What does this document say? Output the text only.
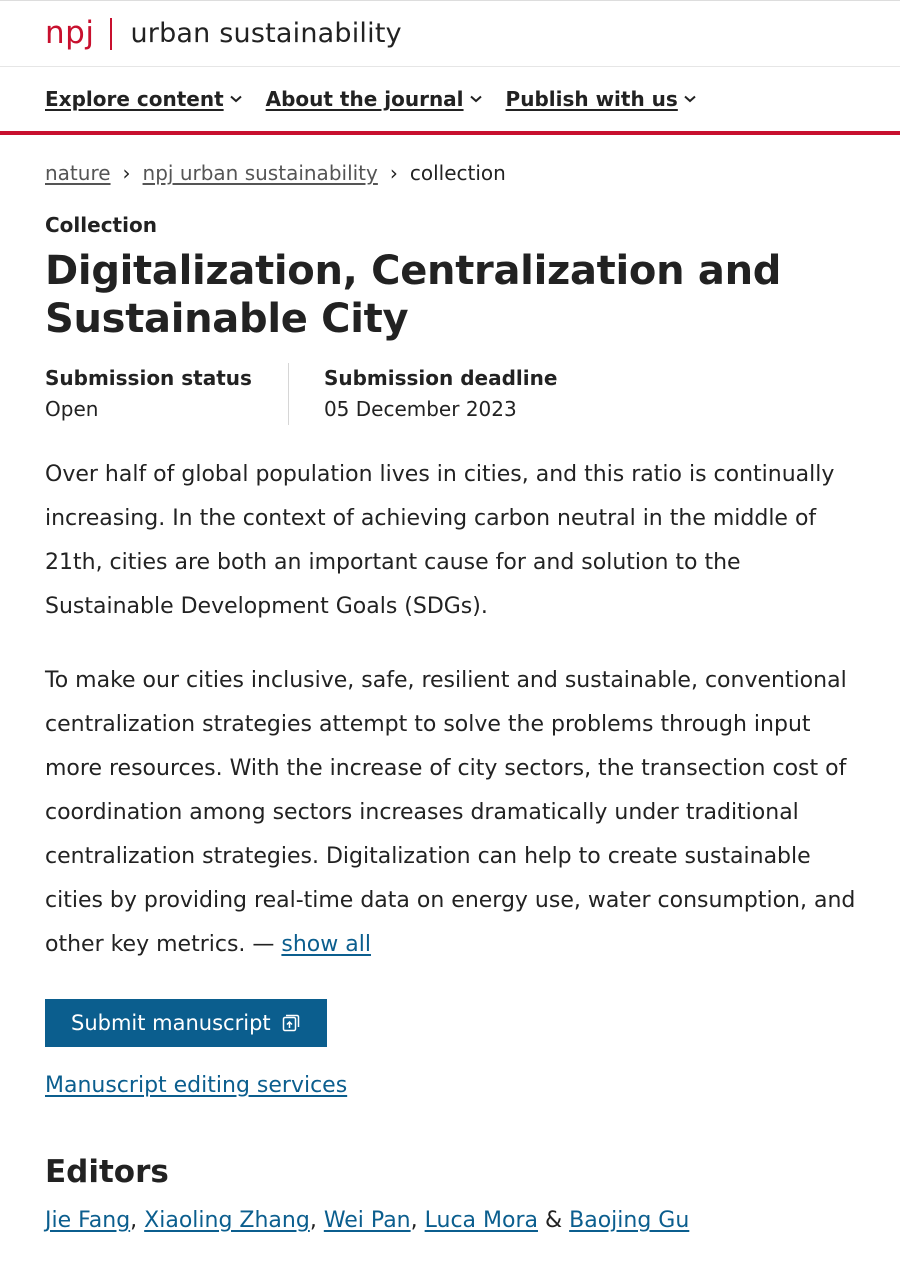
npj urban sustainability
Explore content About the journal Publish with us
nature › npj urban sustainability › collection
Collection
Digitalization, Centralization and Sustainable City
Submission status
Open
Submission deadline
05 December 2023

Over half of global population lives in cities, and this ratio is continually increasing. In the context of achieving carbon neutral in the middle of 21th, cities are both an important cause for and solution to the Sustainable Development Goals (SDGs).

To make our cities inclusive, safe, resilient and sustainable, conventional centralization strategies attempt to solve the problems through input more resources. With the increase of city sectors, the transection cost of coordination among sectors increases dramatically under traditional centralization strategies. Digitalization can help to create sustainable cities by providing real-time data on energy use, water consumption, and other key metrics. — show all

Submit manuscript
Manuscript editing services
Editors
Jie Fang, Xiaoling Zhang, Wei Pan, Luca Mora & Baojing Gu
